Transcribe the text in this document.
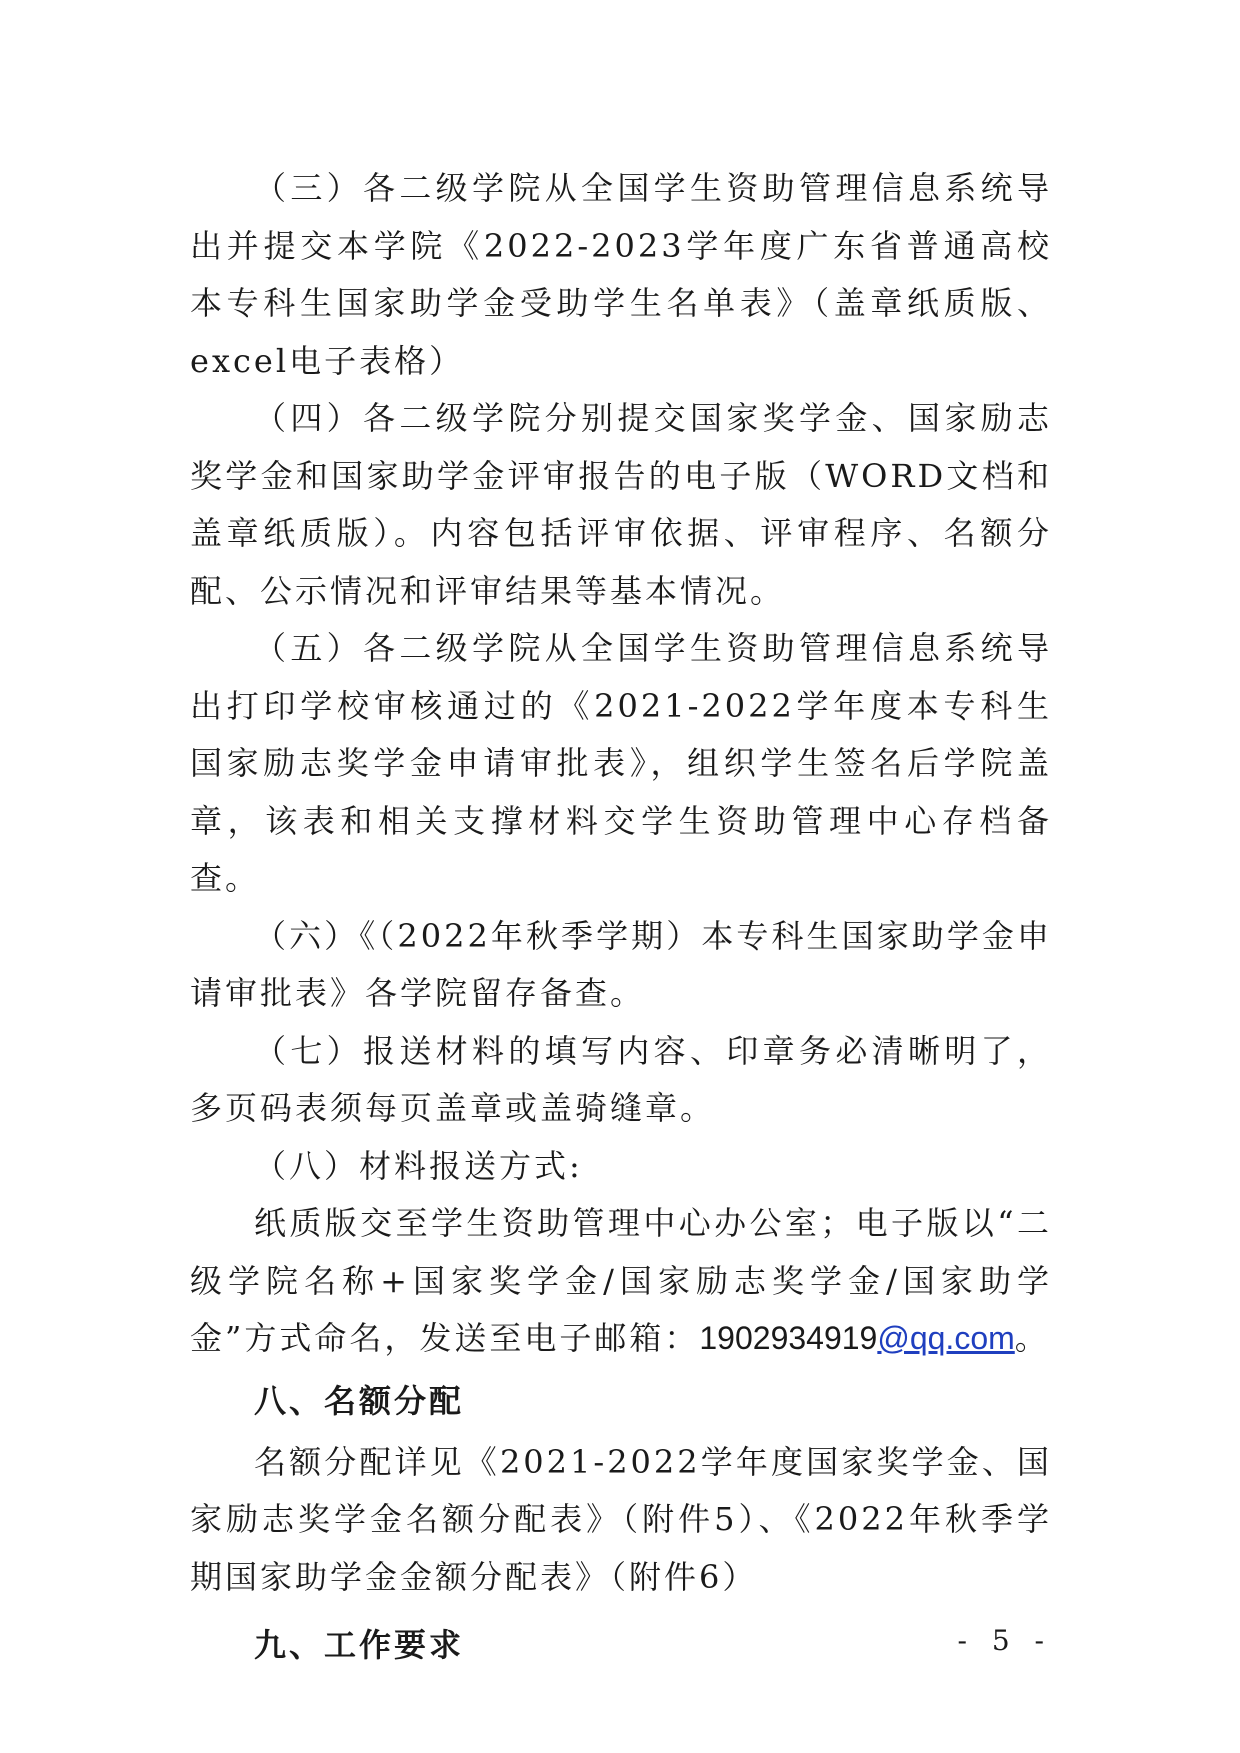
（三）各二级学院从全国学生资助管理信息系统导出并提交本学院《2022-2023学年度广东省普通高校本专科生国家助学金受助学生名单表》（盖章纸质版、excel电子表格）

（四）各二级学院分别提交国家奖学金、国家励志奖学金和国家助学金评审报告的电子版（WORD文档和盖章纸质版）。内容包括评审依据、评审程序、名额分配、公示情况和评审结果等基本情况。

（五）各二级学院从全国学生资助管理信息系统导出打印学校审核通过的《2021-2022学年度本专科生国家励志奖学金申请审批表》，组织学生签名后学院盖章，该表和相关支撑材料交学生资助管理中心存档备查。

（六）《（2022年秋季学期）本专科生国家助学金申请审批表》各学院留存备查。

（七）报送材料的填写内容、印章务必清晰明了，多页码表须每页盖章或盖骑缝章。

（八）材料报送方式:

纸质版交至学生资助管理中心办公室；电子版以“二级学院名称+国家奖学金/国家励志奖学金/国家助学金”方式命名，发送至电子邮箱：1902934919@qq.com。

八、名额分配

名额分配详见《2021-2022学年度国家奖学金、国家励志奖学金名额分配表》（附件5）、《2022年秋季学期国家助学金金额分配表》（附件6）

九、工作要求	- 5 -
